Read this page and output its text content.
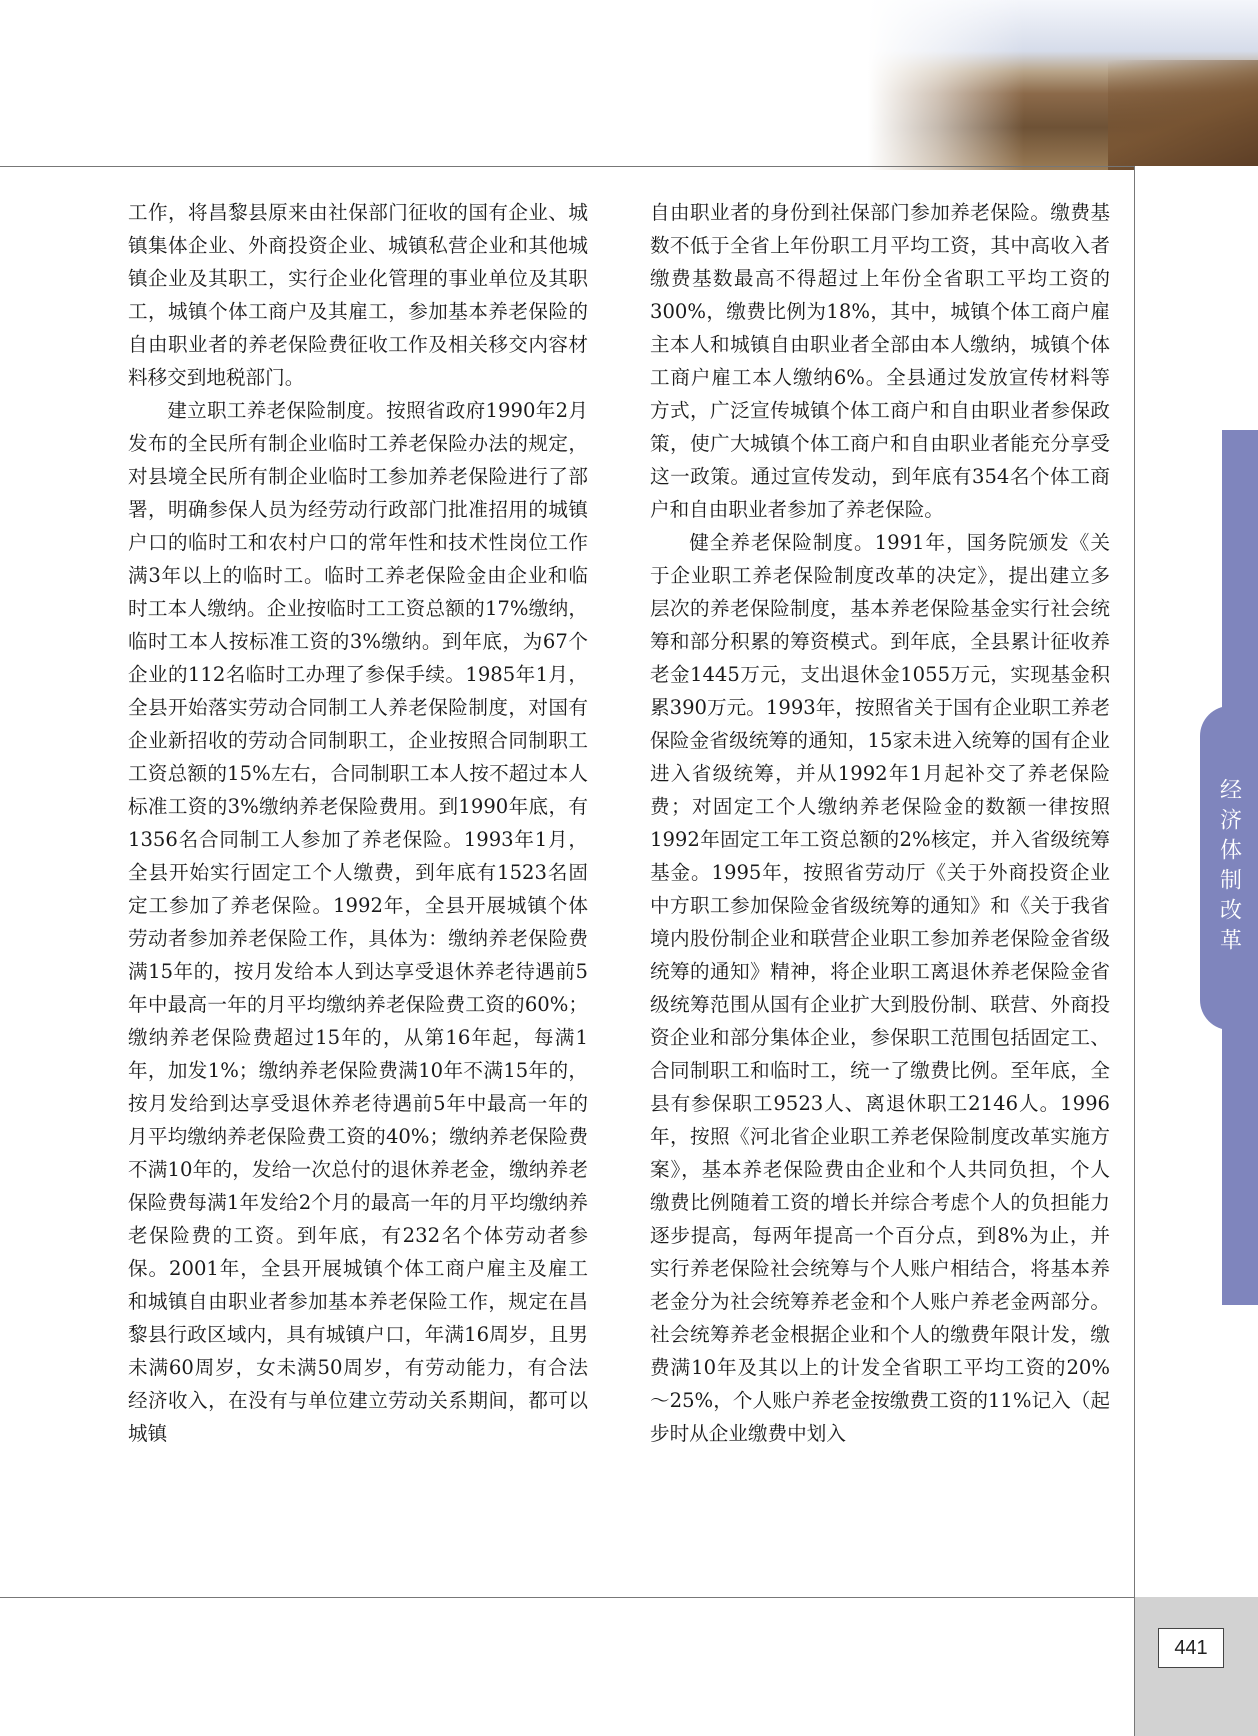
经济体制改革

工作，将昌黎县原来由社保部门征收的国有企业、城镇集体企业、外商投资企业、城镇私营企业和其他城镇企业及其职工，实行企业化管理的事业单位及其职工，城镇个体工商户及其雇工，参加基本养老保险的自由职业者的养老保险费征收工作及相关移交内容材料移交到地税部门。

建立职工养老保险制度。按照省政府1990年2月发布的全民所有制企业临时工养老保险办法的规定，对县境全民所有制企业临时工参加养老保险进行了部署，明确参保人员为经劳动行政部门批准招用的城镇户口的临时工和农村户口的常年性和技术性岗位工作满3年以上的临时工。临时工养老保险金由企业和临时工本人缴纳。企业按临时工工资总额的17%缴纳，临时工本人按标准工资的3%缴纳。到年底，为67个企业的112名临时工办理了参保手续。1985年1月，全县开始落实劳动合同制工人养老保险制度，对国有企业新招收的劳动合同制职工，企业按照合同制职工工资总额的15%左右，合同制职工本人按不超过本人标准工资的3%缴纳养老保险费用。到1990年底，有1356名合同制工人参加了养老保险。1993年1月，全县开始实行固定工个人缴费，到年底有1523名固定工参加了养老保险。1992年，全县开展城镇个体劳动者参加养老保险工作，具体为：缴纳养老保险费满15年的，按月发给本人到达享受退休养老待遇前5年中最高一年的月平均缴纳养老保险费工资的60%；缴纳养老保险费超过15年的，从第16年起，每满1年，加发1%；缴纳养老保险费满10年不满15年的，按月发给到达享受退休养老待遇前5年中最高一年的月平均缴纳养老保险费工资的40%；缴纳养老保险费不满10年的，发给一次总付的退休养老金，缴纳养老保险费每满1年发给2个月的最高一年的月平均缴纳养老保险费的工资。到年底，有232名个体劳动者参保。2001年，全县开展城镇个体工商户雇主及雇工和城镇自由职业者参加基本养老保险工作，规定在昌黎县行政区域内，具有城镇户口，年满16周岁，且男未满60周岁，女未满50周岁，有劳动能力，有合法经济收入，在没有与单位建立劳动关系期间，都可以城镇

自由职业者的身份到社保部门参加养老保险。缴费基数不低于全省上年份职工月平均工资，其中高收入者缴费基数最高不得超过上年份全省职工平均工资的300%，缴费比例为18%，其中，城镇个体工商户雇主本人和城镇自由职业者全部由本人缴纳，城镇个体工商户雇工本人缴纳6%。全县通过发放宣传材料等方式，广泛宣传城镇个体工商户和自由职业者参保政策，使广大城镇个体工商户和自由职业者能充分享受这一政策。通过宣传发动，到年底有354名个体工商户和自由职业者参加了养老保险。

健全养老保险制度。1991年，国务院颁发《关于企业职工养老保险制度改革的决定》，提出建立多层次的养老保险制度，基本养老保险基金实行社会统筹和部分积累的筹资模式。到年底，全县累计征收养老金1445万元，支出退休金1055万元，实现基金积累390万元。1993年，按照省关于国有企业职工养老保险金省级统筹的通知，15家未进入统筹的国有企业进入省级统筹，并从1992年1月起补交了养老保险费；对固定工个人缴纳养老保险金的数额一律按照1992年固定工年工资总额的2%核定，并入省级统筹基金。1995年，按照省劳动厅《关于外商投资企业中方职工参加保险金省级统筹的通知》和《关于我省境内股份制企业和联营企业职工参加养老保险金省级统筹的通知》精神，将企业职工离退休养老保险金省级统筹范围从国有企业扩大到股份制、联营、外商投资企业和部分集体企业，参保职工范围包括固定工、合同制职工和临时工，统一了缴费比例。至年底，全县有参保职工9523人、离退休职工2146人。1996年，按照《河北省企业职工养老保险制度改革实施方案》，基本养老保险费由企业和个人共同负担，个人缴费比例随着工资的增长并综合考虑个人的负担能力逐步提高，每两年提高一个百分点，到8%为止，并实行养老保险社会统筹与个人账户相结合，将基本养老金分为社会统筹养老金和个人账户养老金两部分。社会统筹养老金根据企业和个人的缴费年限计发，缴费满10年及其以上的计发全省职工平均工资的20%～25%，个人账户养老金按缴费工资的11%记入（起步时从企业缴费中划入

441
